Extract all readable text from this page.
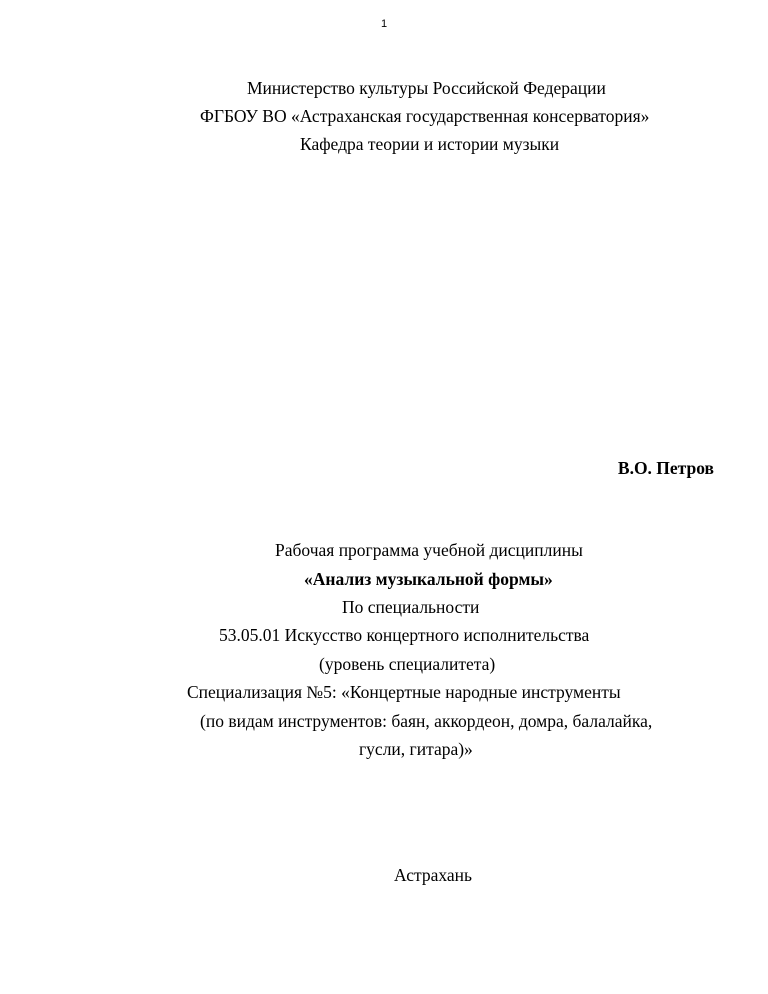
1
Министерство культуры Российской Федерации
ФГБОУ ВО «Астраханская государственная консерватория»
Кафедра теории и истории музыки
В.О. Петров
Рабочая программа учебной дисциплины
«Анализ музыкальной формы»
По специальности
53.05.01 Искусство концертного исполнительства
(уровень специалитета)
Специализация №5: «Концертные народные инструменты
(по видам инструментов: баян, аккордеон, домра, балалайка,
гусли, гитара)»
Астрахань
